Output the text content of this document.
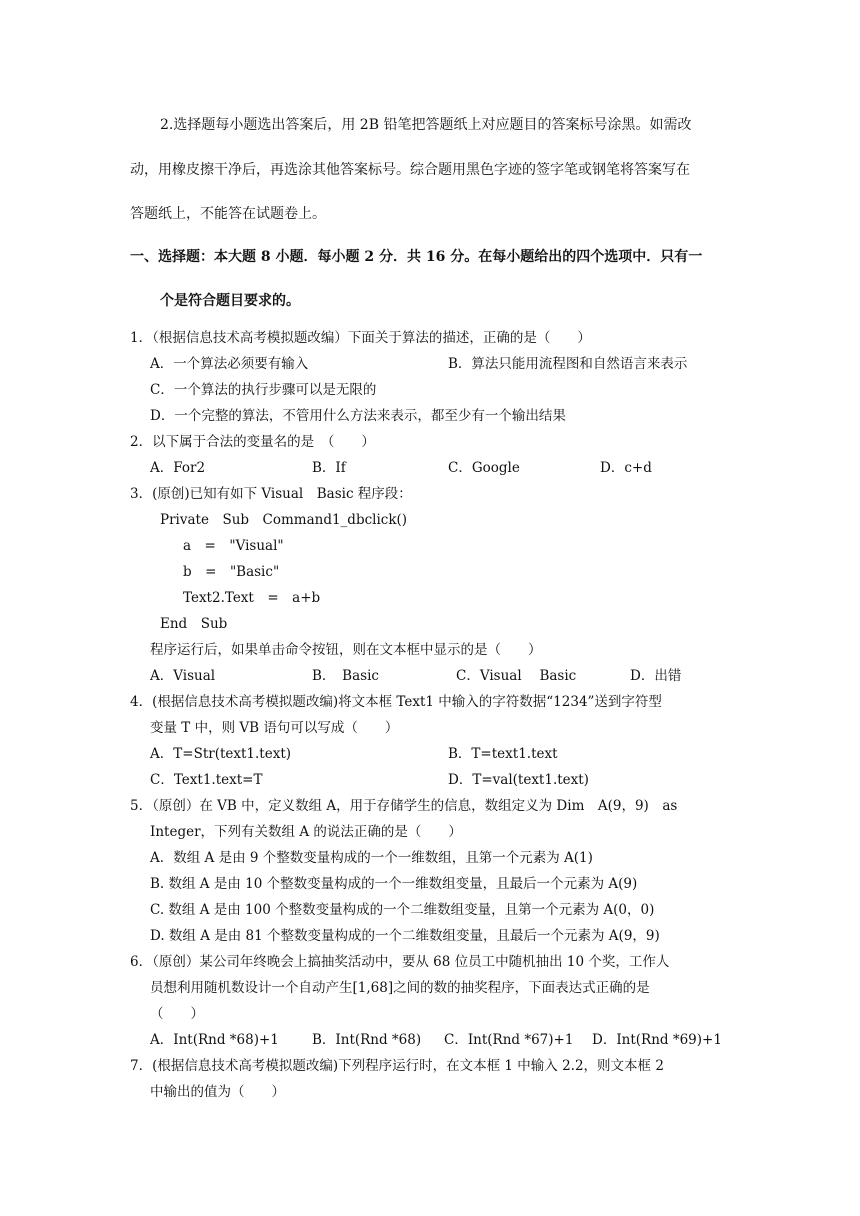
2.选择题每小题选出答案后，用 2B 铅笔把答题纸上对应题目的答案标号涂黑。如需改
动，用橡皮擦干净后，再选涂其他答案标号。综合题用黑色字迹的签字笔或钢笔将答案写在
答题纸上，不能答在试题卷上。
一、选择题：本大题 8 小题．每小题 2 分．共 16 分。在每小题给出的四个选项中．只有一
个是符合题目要求的。
1．（根据信息技术高考模拟题改编）下面关于算法的描述，正确的是（　　）
A．一个算法必须要有输入	B．算法只能用流程图和自然语言来表示
C．一个算法的执行步骤可以是无限的
D．一个完整的算法，不管用什么方法来表示，都至少有一个输出结果
2．以下属于合法的变量名的是　（　　）
A．For2	B．If	C．Google	D．c+d
3．(原创)已知有如下 Visual　Basic 程序段：
Private　Sub　Command1_dbclick()
a　=　"Visual"
b　=　"Basic"
Text2.Text　=　a+b
End　Sub
程序运行后，如果单击命令按钮，则在文本框中显示的是（　　）
A．Visual	B．　Basic	C．Visual　 Basic	D．出错
4．(根据信息技术高考模拟题改编)将文本框 Text1 中输入的字符数据“1234”送到字符型
变量 T 中，则 VB 语句可以写成（　　）
A．T=Str(text1.text)	B．T=text1.text
C．Text1.text=T	D．T=val(text1.text)
5．（原创）在 VB 中，定义数组 A，用于存储学生的信息，数组定义为 Dim　A(9，9)　as
Integer，下列有关数组 A 的说法正确的是（　　）
A．数组 A 是由 9 个整数变量构成的一个一维数组，且第一个元素为 A(1)
B. 数组 A 是由 10 个整数变量构成的一个一维数组变量，且最后一个元素为 A(9)
C. 数组 A 是由 100 个整数变量构成的一个二维数组变量，且第一个元素为 A(0，0)
D. 数组 A 是由 81 个整数变量构成的一个二维数组变量，且最后一个元素为 A(9，9)
6．（原创）某公司年终晚会上搞抽奖活动中，要从 68 位员工中随机抽出 10 个奖，工作人
员想利用随机数设计一个自动产生[1,68]之间的数的抽奖程序，下面表达式正确的是
（　　）
A．Int(Rnd *68)+1 B．Int(Rnd *68) C．Int(Rnd *67)+1 D．Int(Rnd *69)+1
7．(根据信息技术高考模拟题改编)下列程序运行时，在文本框 1 中输入 2.2，则文本框 2
中输出的值为（　　）
